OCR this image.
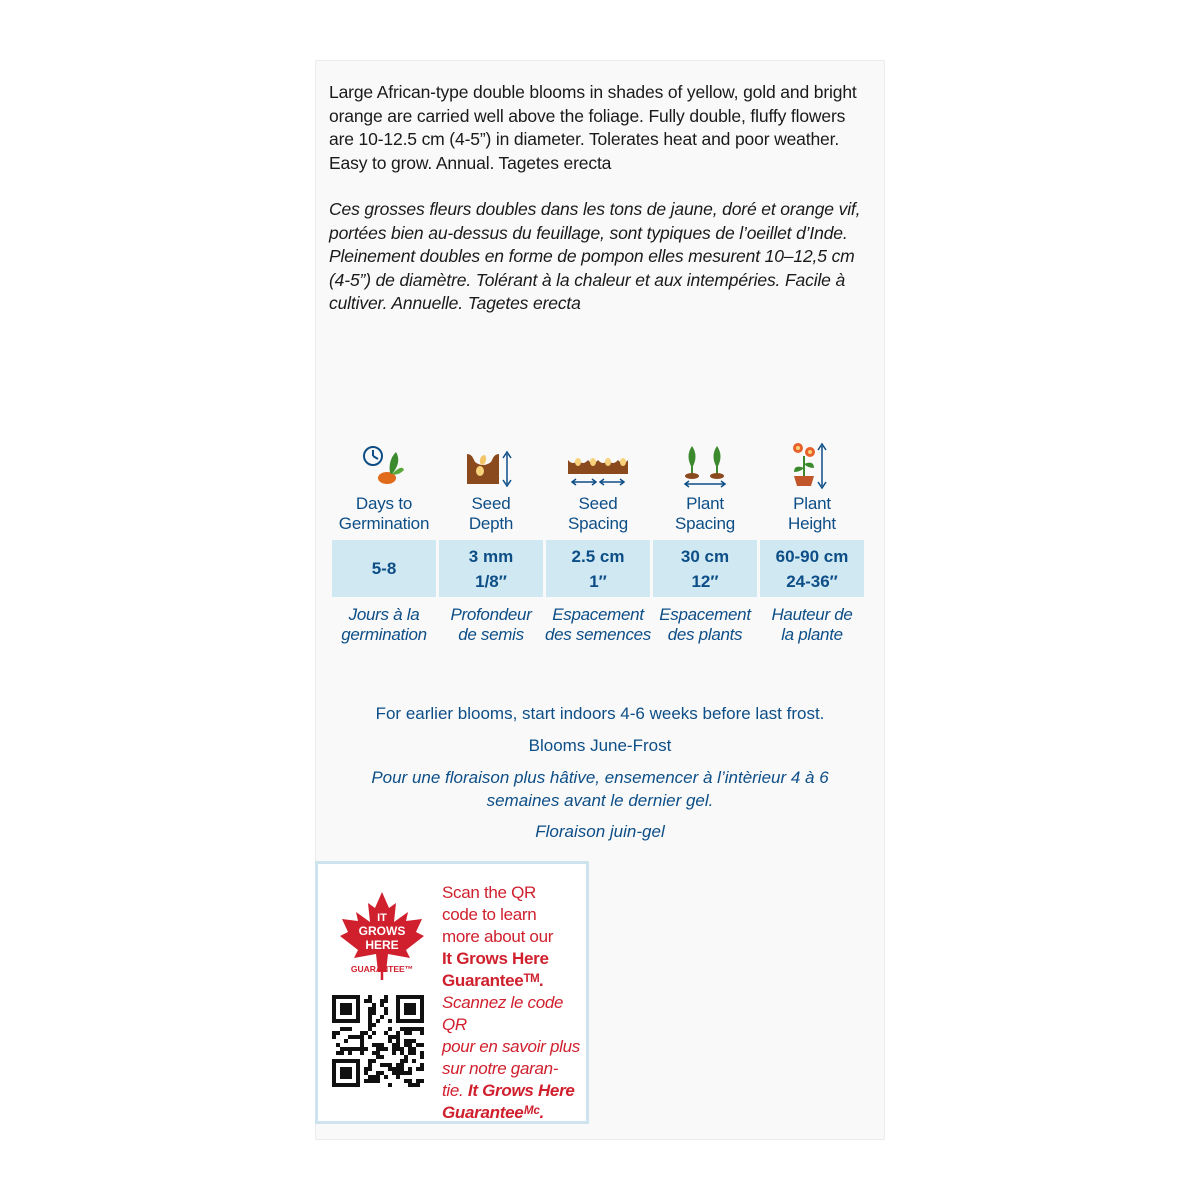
Large African-type double blooms in shades of yellow, gold and bright orange are carried well above the foliage. Fully double, fluffy flowers are 10-12.5 cm (4-5”) in diameter. Tolerates heat and poor weather. Easy to grow. Annual. Tagetes erecta

Ces grosses fleurs doubles dans les tons de jaune, doré et orange vif, portées bien au-dessus du feuillage, sont typiques de l’oeillet d’Inde. Pleinement doubles en forme de pompon elles mesurent 10–12,5 cm (4-5”) de diamètre. Tolérant à la chaleur et aux intempéries. Facile à cultiver. Annuelle. Tagetes erecta

Days to
Germination
5-8
Jours à la
germination
Seed
Depth
3 mm
1/8″
Profondeur
de semis
Seed
Spacing
2.5 cm
1″
Espacement
des semences
Plant
Spacing
30 cm
12″
Espacement
des plants
Plant
Height
60-90 cm
24-36″
Hauteur de
la plante
For earlier blooms, start indoors 4-6 weeks before last frost.
Blooms June-Frost
Pour une floraison plus hâtive, ensemencer à l’intèrieur 4 à 6 semaines avant le dernier gel.
Floraison juin-gel
IT
GROWS
HERE
GUARANTEE™
Scan the QR
code to learn
more about our
It Grows Here
Guaranteeᵀᴹ.
Scannez le code QR
pour en savoir plus
sur notre garan-
tie. It Grows Here
Guaranteeᴹᶜ.
